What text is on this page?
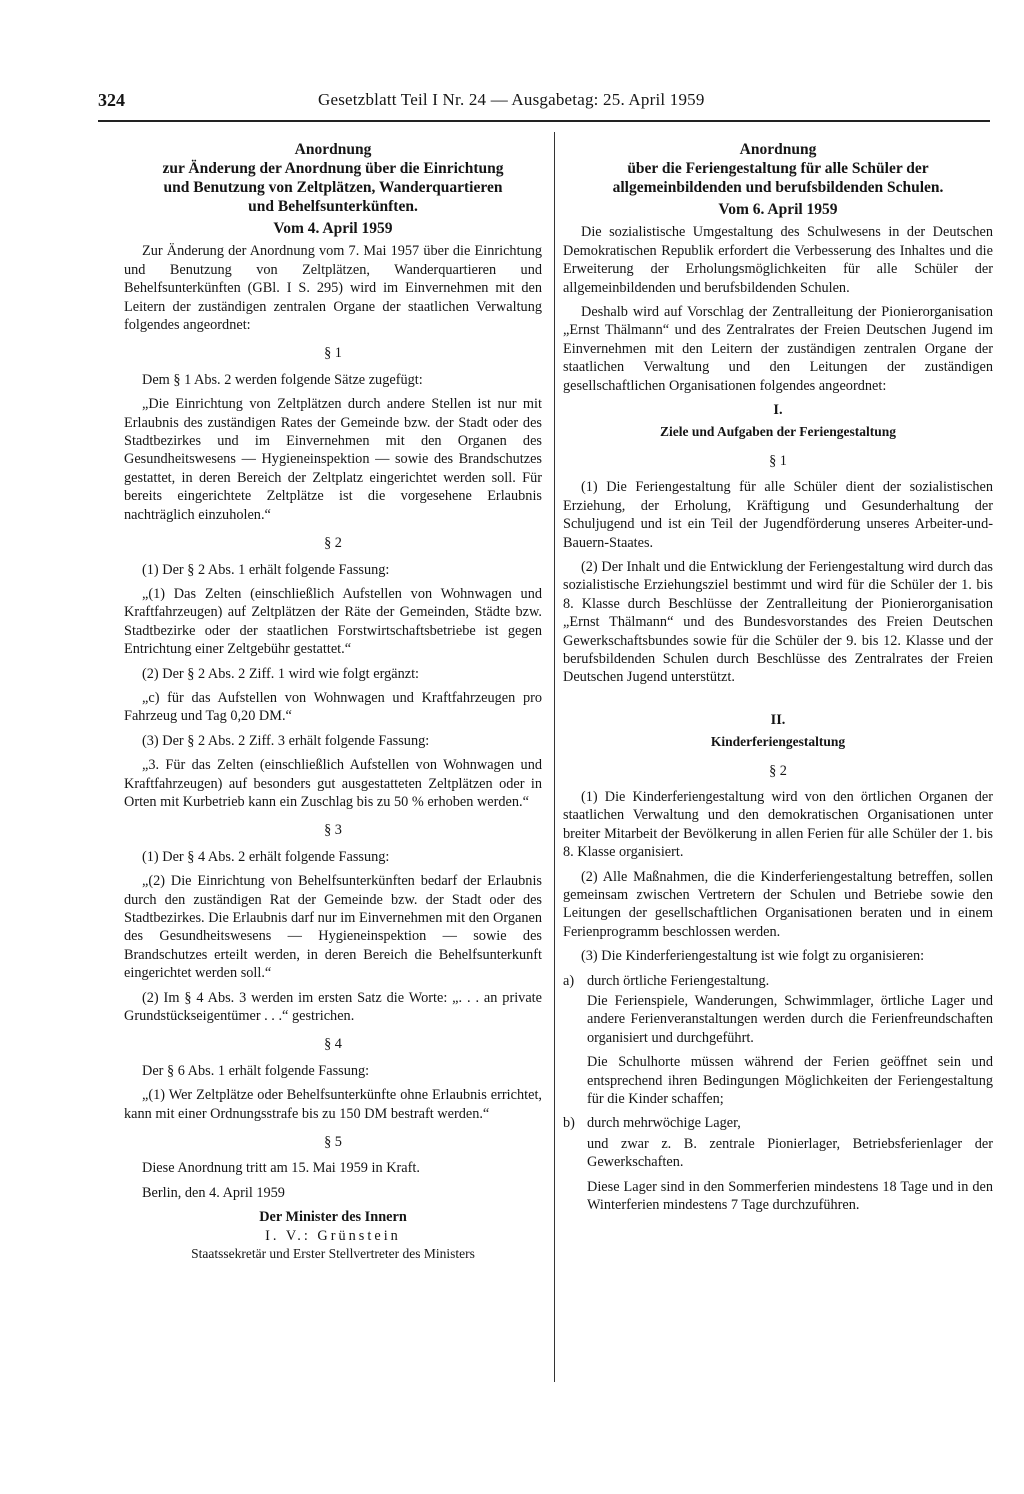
324	Gesetzblatt Teil I Nr. 24 — Ausgabetag: 25. April 1959
Anordnung
zur Änderung der Anordnung über die Einrichtung
und Benutzung von Zeltplätzen, Wanderquartieren
und Behelfsunterkünften.
Vom 4. April 1959

Zur Änderung der Anordnung vom 7. Mai 1957 über die Einrichtung und Benutzung von Zeltplätzen, Wanderquartieren und Behelfsunterkünften (GBl. I S. 295) wird im Einvernehmen mit den Leitern der zuständigen zentralen Organe der staatlichen Verwaltung folgendes angeordnet:

§ 1

Dem § 1 Abs. 2 werden folgende Sätze zugefügt:

„Die Einrichtung von Zeltplätzen durch andere Stellen ist nur mit Erlaubnis des zuständigen Rates der Gemeinde bzw. der Stadt oder des Stadtbezirkes und im Einvernehmen mit den Organen des Gesundheitswesens — Hygieneinspektion — sowie des Brandschutzes gestattet, in deren Bereich der Zeltplatz eingerichtet werden soll. Für bereits eingerichtete Zeltplätze ist die vorgesehene Erlaubnis nachträglich einzuholen.“

§ 2

(1) Der § 2 Abs. 1 erhält folgende Fassung:

„(1) Das Zelten (einschließlich Aufstellen von Wohnwagen und Kraftfahrzeugen) auf Zeltplätzen der Räte der Gemeinden, Städte bzw. Stadtbezirke oder der staatlichen Forstwirtschaftsbetriebe ist gegen Entrichtung einer Zeltgebühr gestattet.“

(2) Der § 2 Abs. 2 Ziff. 1 wird wie folgt ergänzt:

„c) für das Aufstellen von Wohnwagen und Kraftfahrzeugen pro Fahrzeug und Tag 0,20 DM.“

(3) Der § 2 Abs. 2 Ziff. 3 erhält folgende Fassung:

„3. Für das Zelten (einschließlich Aufstellen von Wohnwagen und Kraftfahrzeugen) auf besonders gut ausgestatteten Zeltplätzen oder in Orten mit Kurbetrieb kann ein Zuschlag bis zu 50 % erhoben werden.“

§ 3

(1) Der § 4 Abs. 2 erhält folgende Fassung:

„(2) Die Einrichtung von Behelfsunterkünften bedarf der Erlaubnis durch den zuständigen Rat der Gemeinde bzw. der Stadt oder des Stadtbezirkes. Die Erlaubnis darf nur im Einvernehmen mit den Organen des Gesundheitswesens — Hygieneinspektion — sowie des Brandschutzes erteilt werden, in deren Bereich die Behelfsunterkunft eingerichtet werden soll.“

(2) Im § 4 Abs. 3 werden im ersten Satz die Worte: „. . . an private Grundstückseigentümer . . .“ gestrichen.

§ 4

Der § 6 Abs. 1 erhält folgende Fassung:

„(1) Wer Zeltplätze oder Behelfsunterkünfte ohne Erlaubnis errichtet, kann mit einer Ordnungsstrafe bis zu 150 DM bestraft werden.“

§ 5

Diese Anordnung tritt am 15. Mai 1959 in Kraft.

Berlin, den 4. April 1959

Der Minister des Innern
I. V.: Grünstein
Staatssekretär und Erster Stellvertreter des Ministers
Anordnung
über die Feriengestaltung für alle Schüler der
allgemeinbildenden und berufsbildenden Schulen.
Vom 6. April 1959

Die sozialistische Umgestaltung des Schulwesens in der Deutschen Demokratischen Republik erfordert die Verbesserung des Inhaltes und die Erweiterung der Erholungsmöglichkeiten für alle Schüler der allgemeinbildenden und berufsbildenden Schulen.

Deshalb wird auf Vorschlag der Zentralleitung der Pionierorganisation „Ernst Thälmann“ und des Zentralrates der Freien Deutschen Jugend im Einvernehmen mit den Leitern der zuständigen zentralen Organe der staatlichen Verwaltung und den Leitungen der zuständigen gesellschaftlichen Organisationen folgendes angeordnet:

I.
Ziele und Aufgaben der Feriengestaltung
§ 1

(1) Die Feriengestaltung für alle Schüler dient der sozialistischen Erziehung, der Erholung, Kräftigung und Gesunderhaltung der Schuljugend und ist ein Teil der Jugendförderung unseres Arbeiter-und-Bauern-Staates.

(2) Der Inhalt und die Entwicklung der Feriengestaltung wird durch das sozialistische Erziehungsziel bestimmt und wird für die Schüler der 1. bis 8. Klasse durch Beschlüsse der Zentralleitung der Pionierorganisation „Ernst Thälmann“ und des Bundesvorstandes des Freien Deutschen Gewerkschaftsbundes sowie für die Schüler der 9. bis 12. Klasse und der berufsbildenden Schulen durch Beschlüsse des Zentralrates der Freien Deutschen Jugend unterstützt.

II.
Kinderferiengestaltung
§ 2

(1) Die Kinderferiengestaltung wird von den örtlichen Organen der staatlichen Verwaltung und den demokratischen Organisationen unter breiter Mitarbeit der Bevölkerung in allen Ferien für alle Schüler der 1. bis 8. Klasse organisiert.

(2) Alle Maßnahmen, die die Kinderferiengestaltung betreffen, sollen gemeinsam zwischen Vertretern der Schulen und Betriebe sowie den Leitungen der gesellschaftlichen Organisationen beraten und in einem Ferienprogramm beschlossen werden.

(3) Die Kinderferiengestaltung ist wie folgt zu organisieren:

a) durch örtliche Feriengestaltung.

Die Ferienspiele, Wanderungen, Schwimmlager, örtliche Lager und andere Ferienveranstaltungen werden durch die Ferienfreundschaften organisiert und durchgeführt.

Die Schulhorte müssen während der Ferien geöffnet sein und entsprechend ihren Bedingungen Möglichkeiten der Feriengestaltung für die Kinder schaffen;

b) durch mehrwöchige Lager,

und zwar z. B. zentrale Pionierlager, Betriebsferienlager der Gewerkschaften.

Diese Lager sind in den Sommerferien mindestens 18 Tage und in den Winterferien mindestens 7 Tage durchzuführen.
